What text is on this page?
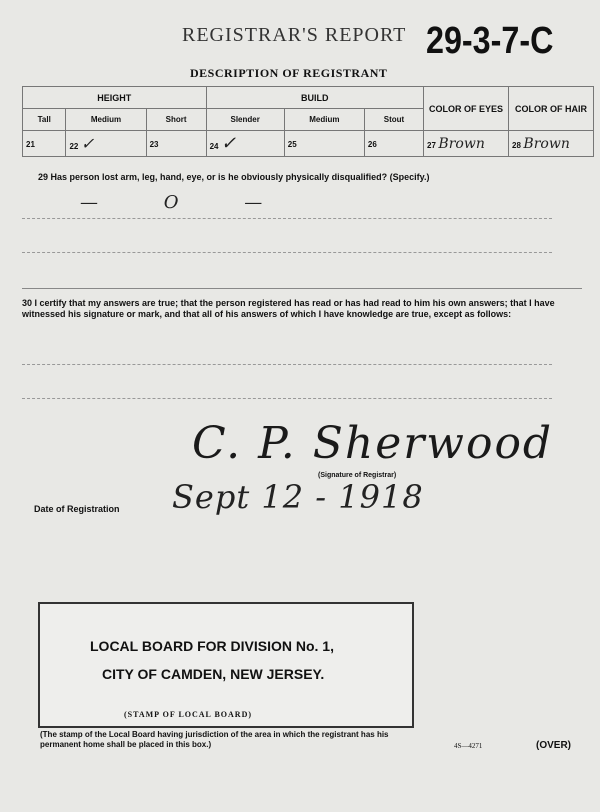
REGISTRAR'S REPORT 29-3-7-C
DESCRIPTION OF REGISTRANT
HEIGHT			BUILD			COLOR OF EYES	COLOR OF HAIR
Tall	Medium	Short	Slender	Medium	Stout		
21	22 ✓	23	24 ✓	25	26	27 Brown	28 Brown
29 Has person lost arm, leg, hand, eye, or is he obviously physically disqualified? (Specify.)
— O —
30 I certify that my answers are true; that the person registered has read or has had read to him his own answers; that I have witnessed his signature or mark, and that all of his answers of which I have knowledge are true, except as follows:
C. P. Sherwood
(Signature of Registrar)
Date of Registration Sept 12 - 1918
LOCAL BOARD FOR DIVISION No. 1,
CITY OF CAMDEN, NEW JERSEY.
(STAMP OF LOCAL BOARD)
(The stamp of the Local Board having jurisdiction of the area in which the registrant has his permanent home shall be placed in this box.)	4S—4271	(OVER)
